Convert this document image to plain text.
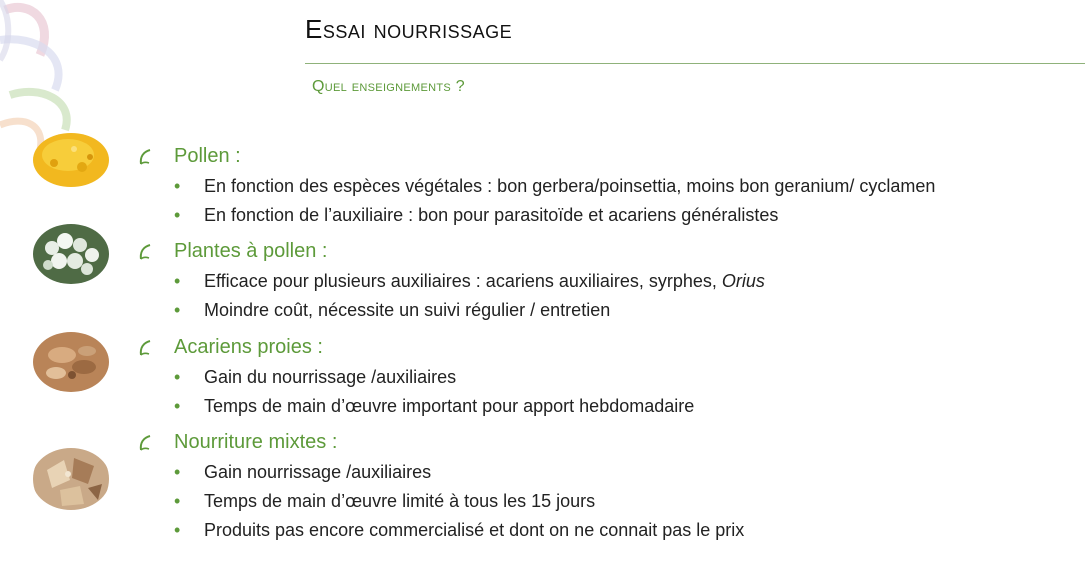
Essai nourrissage
Quel enseignements ?
Pollen :
• En fonction des espèces végétales : bon gerbera/poinsettia, moins bon geranium/ cyclamen
• En fonction de l’auxiliaire : bon pour parasitoïde et acariens généralistes
Plantes à pollen :
• Efficace pour plusieurs auxiliaires : acariens auxiliaires, syrphes, Orius
• Moindre coût, nécessite un suivi régulier / entretien
Acariens proies :
• Gain du nourrissage /auxiliaires
• Temps de main d’œuvre important pour apport hebdomadaire
Nourriture mixtes :
• Gain nourrissage /auxiliaires
• Temps de main d’œuvre limité à tous les 15 jours
• Produits pas encore commercialisé et dont on ne connait pas le prix
